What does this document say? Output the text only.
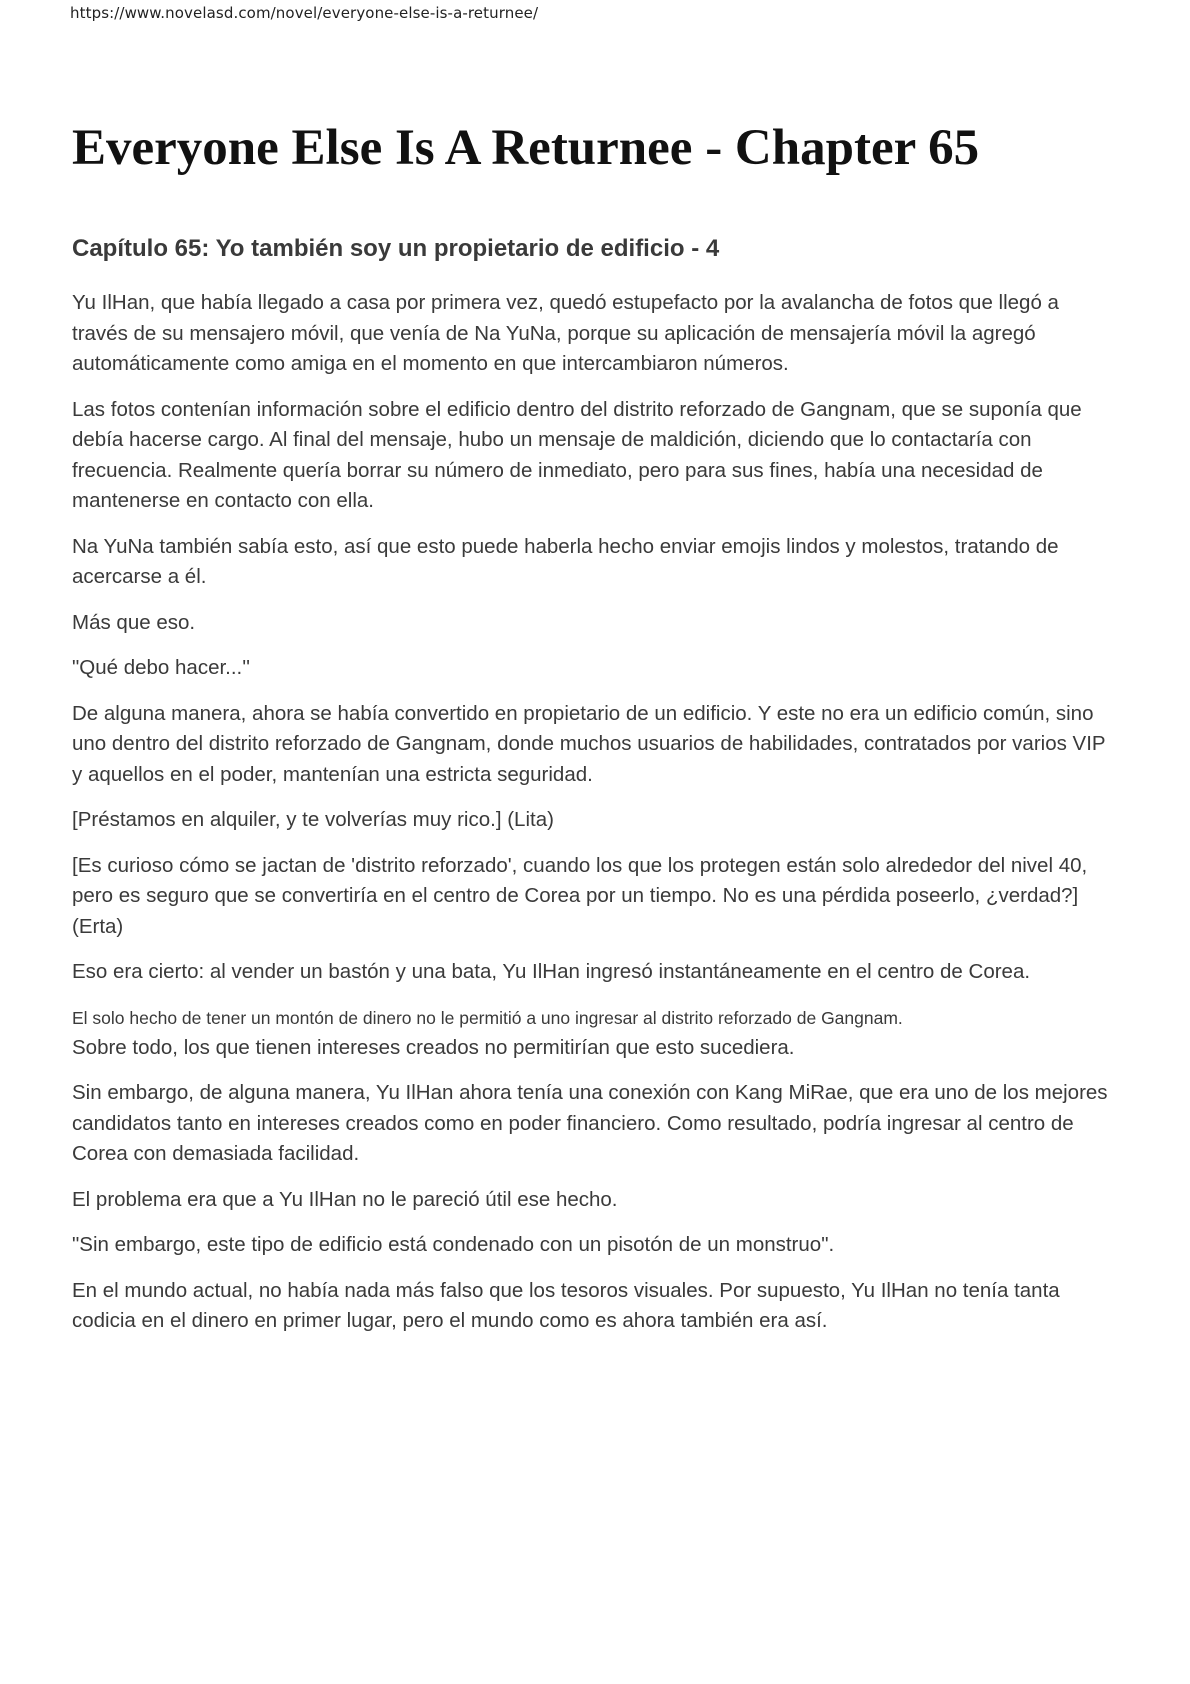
https://www.novelasd.com/novel/everyone-else-is-a-returnee/
Everyone Else Is A Returnee - Chapter 65
Capítulo 65: Yo también soy un propietario de edificio - 4

Yu IlHan, que había llegado a casa por primera vez, quedó estupefacto por la avalancha de fotos que llegó a través de su mensajero móvil, que venía de Na YuNa, porque su aplicación de mensajería móvil la agregó automáticamente como amiga en el momento en que intercambiaron números.

Las fotos contenían información sobre el edificio dentro del distrito reforzado de Gangnam, que se suponía que debía hacerse cargo. Al final del mensaje, hubo un mensaje de maldición, diciendo que lo contactaría con frecuencia. Realmente quería borrar su número de inmediato, pero para sus fines, había una necesidad de mantenerse en contacto con ella.

Na YuNa también sabía esto, así que esto puede haberla hecho enviar emojis lindos y molestos, tratando de acercarse a él.

Más que eso.

"Qué debo hacer...''

De alguna manera, ahora se había convertido en propietario de un edificio. Y este no era un edificio común, sino uno dentro del distrito reforzado de Gangnam, donde muchos usuarios de habilidades, contratados por varios VIP y aquellos en el poder, mantenían una estricta seguridad.

[Préstamos en alquiler, y te volverías muy rico.] (Lita)

[Es curioso cómo se jactan de 'distrito reforzado', cuando los que los protegen están solo alrededor del nivel 40, pero es seguro que se convertiría en el centro de Corea por un tiempo. No es una pérdida poseerlo, ¿verdad?] (Erta)

Eso era cierto: al vender un bastón y una bata, Yu IlHan ingresó instantáneamente en el centro de Corea.

El solo hecho de tener un montón de dinero no le permitió a uno ingresar al distrito reforzado de Gangnam.

Sobre todo, los que tienen intereses creados no permitirían que esto sucediera.

Sin embargo, de alguna manera, Yu IlHan ahora tenía una conexión con Kang MiRae, que era uno de los mejores candidatos tanto en intereses creados como en poder financiero. Como resultado, podría ingresar al centro de Corea con demasiada facilidad.

El problema era que a Yu IlHan no le pareció útil ese hecho.

"Sin embargo, este tipo de edificio está condenado con un pisotón de un monstruo".

En el mundo actual, no había nada más falso que los tesoros visuales. Por supuesto, Yu IlHan no tenía tanta codicia en el dinero en primer lugar, pero el mundo como es ahora también era así.
